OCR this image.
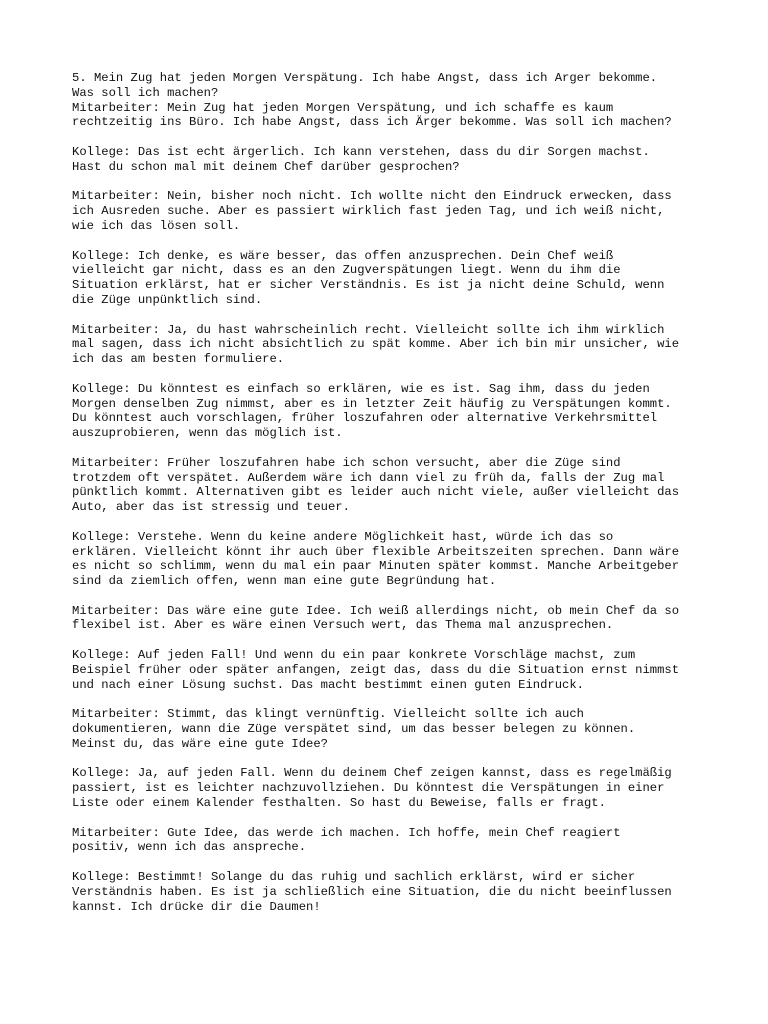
5. Mein Zug hat jeden Morgen Verspätung. Ich habe Angst, dass ich Arger bekomme.
Was soll ich machen?

Mitarbeiter: Mein Zug hat jeden Morgen Verspätung, und ich schaffe es kaum
rechtzeitig ins Büro. Ich habe Angst, dass ich Ärger bekomme. Was soll ich machen?

Kollege: Das ist echt ärgerlich. Ich kann verstehen, dass du dir Sorgen machst.
Hast du schon mal mit deinem Chef darüber gesprochen?

Mitarbeiter: Nein, bisher noch nicht. Ich wollte nicht den Eindruck erwecken, dass
ich Ausreden suche. Aber es passiert wirklich fast jeden Tag, und ich weiß nicht,
wie ich das lösen soll.

Kollege: Ich denke, es wäre besser, das offen anzusprechen. Dein Chef weiß
vielleicht gar nicht, dass es an den Zugverspätungen liegt. Wenn du ihm die
Situation erklärst, hat er sicher Verständnis. Es ist ja nicht deine Schuld, wenn
die Züge unpünktlich sind.

Mitarbeiter: Ja, du hast wahrscheinlich recht. Vielleicht sollte ich ihm wirklich
mal sagen, dass ich nicht absichtlich zu spät komme. Aber ich bin mir unsicher, wie
ich das am besten formuliere.

Kollege: Du könntest es einfach so erklären, wie es ist. Sag ihm, dass du jeden
Morgen denselben Zug nimmst, aber es in letzter Zeit häufig zu Verspätungen kommt.
Du könntest auch vorschlagen, früher loszufahren oder alternative Verkehrsmittel
auszuprobieren, wenn das möglich ist.

Mitarbeiter: Früher loszufahren habe ich schon versucht, aber die Züge sind
trotzdem oft verspätet. Außerdem wäre ich dann viel zu früh da, falls der Zug mal
pünktlich kommt. Alternativen gibt es leider auch nicht viele, außer vielleicht das
Auto, aber das ist stressig und teuer.

Kollege: Verstehe. Wenn du keine andere Möglichkeit hast, würde ich das so
erklären. Vielleicht könnt ihr auch über flexible Arbeitszeiten sprechen. Dann wäre
es nicht so schlimm, wenn du mal ein paar Minuten später kommst. Manche Arbeitgeber
sind da ziemlich offen, wenn man eine gute Begründung hat.

Mitarbeiter: Das wäre eine gute Idee. Ich weiß allerdings nicht, ob mein Chef da so
flexibel ist. Aber es wäre einen Versuch wert, das Thema mal anzusprechen.

Kollege: Auf jeden Fall! Und wenn du ein paar konkrete Vorschläge machst, zum
Beispiel früher oder später anfangen, zeigt das, dass du die Situation ernst nimmst
und nach einer Lösung suchst. Das macht bestimmt einen guten Eindruck.

Mitarbeiter: Stimmt, das klingt vernünftig. Vielleicht sollte ich auch
dokumentieren, wann die Züge verspätet sind, um das besser belegen zu können.
Meinst du, das wäre eine gute Idee?

Kollege: Ja, auf jeden Fall. Wenn du deinem Chef zeigen kannst, dass es regelmäßig
passiert, ist es leichter nachzuvollziehen. Du könntest die Verspätungen in einer
Liste oder einem Kalender festhalten. So hast du Beweise, falls er fragt.

Mitarbeiter: Gute Idee, das werde ich machen. Ich hoffe, mein Chef reagiert
positiv, wenn ich das anspreche.

Kollege: Bestimmt! Solange du das ruhig und sachlich erklärst, wird er sicher
Verständnis haben. Es ist ja schließlich eine Situation, die du nicht beeinflussen
kannst. Ich drücke dir die Daumen!
